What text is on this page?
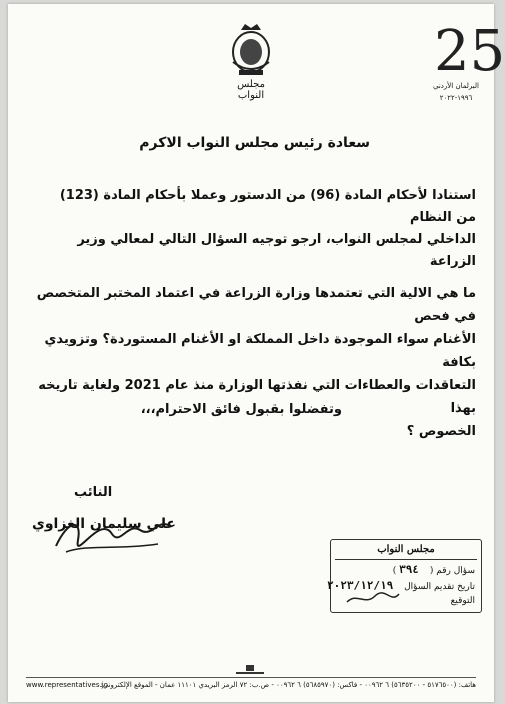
مجلس النواب
25
البرلمان الأردني
١٩٩٦-٢٠٢٢
سعادة رئيس مجلس النواب الاكرم
استنادا لأحكام المادة (96) من الدستور وعملا بأحكام المادة (123) من النظام
الداخلي لمجلس النواب، ارجو توجيه السؤال التالي لمعالي وزير الزراعة
ما هي الالية التي تعتمدها وزارة الزراعة في اعتماد المختبر المتخصص في فحص
الأغنام سواء الموجودة داخل المملكة او الأغنام المستوردة؟ وتزويدي بكافة
التعاقدات والعطاءات التي نفذتها الوزارة منذ عام 2021 ولغاية تاريخه بهذا
الخصوص ؟
وتفضلوا بقبول فائق الاحترام،،،
النائب
علي سليمان الغزاوي
مجلس النواب
سؤال رقم ( ٣٩٤ )
تاريخ تقديم السؤال ٢٠٢٣/١٢/١٩
التوقيع
هاتف: (٥١٧٦٥٠٠ - ٥٦٣٥٢٠٠) ٦ ٠٠٩٦٢ - فاكس: (٥٦٨٥٩٧٠) ٦ ٠٠٩٦٢ - ص.ب: ٧٢ الرمز البريدي ١١١٠١ عمان - الموقع الإلكتروني:
www.representatives.jo
